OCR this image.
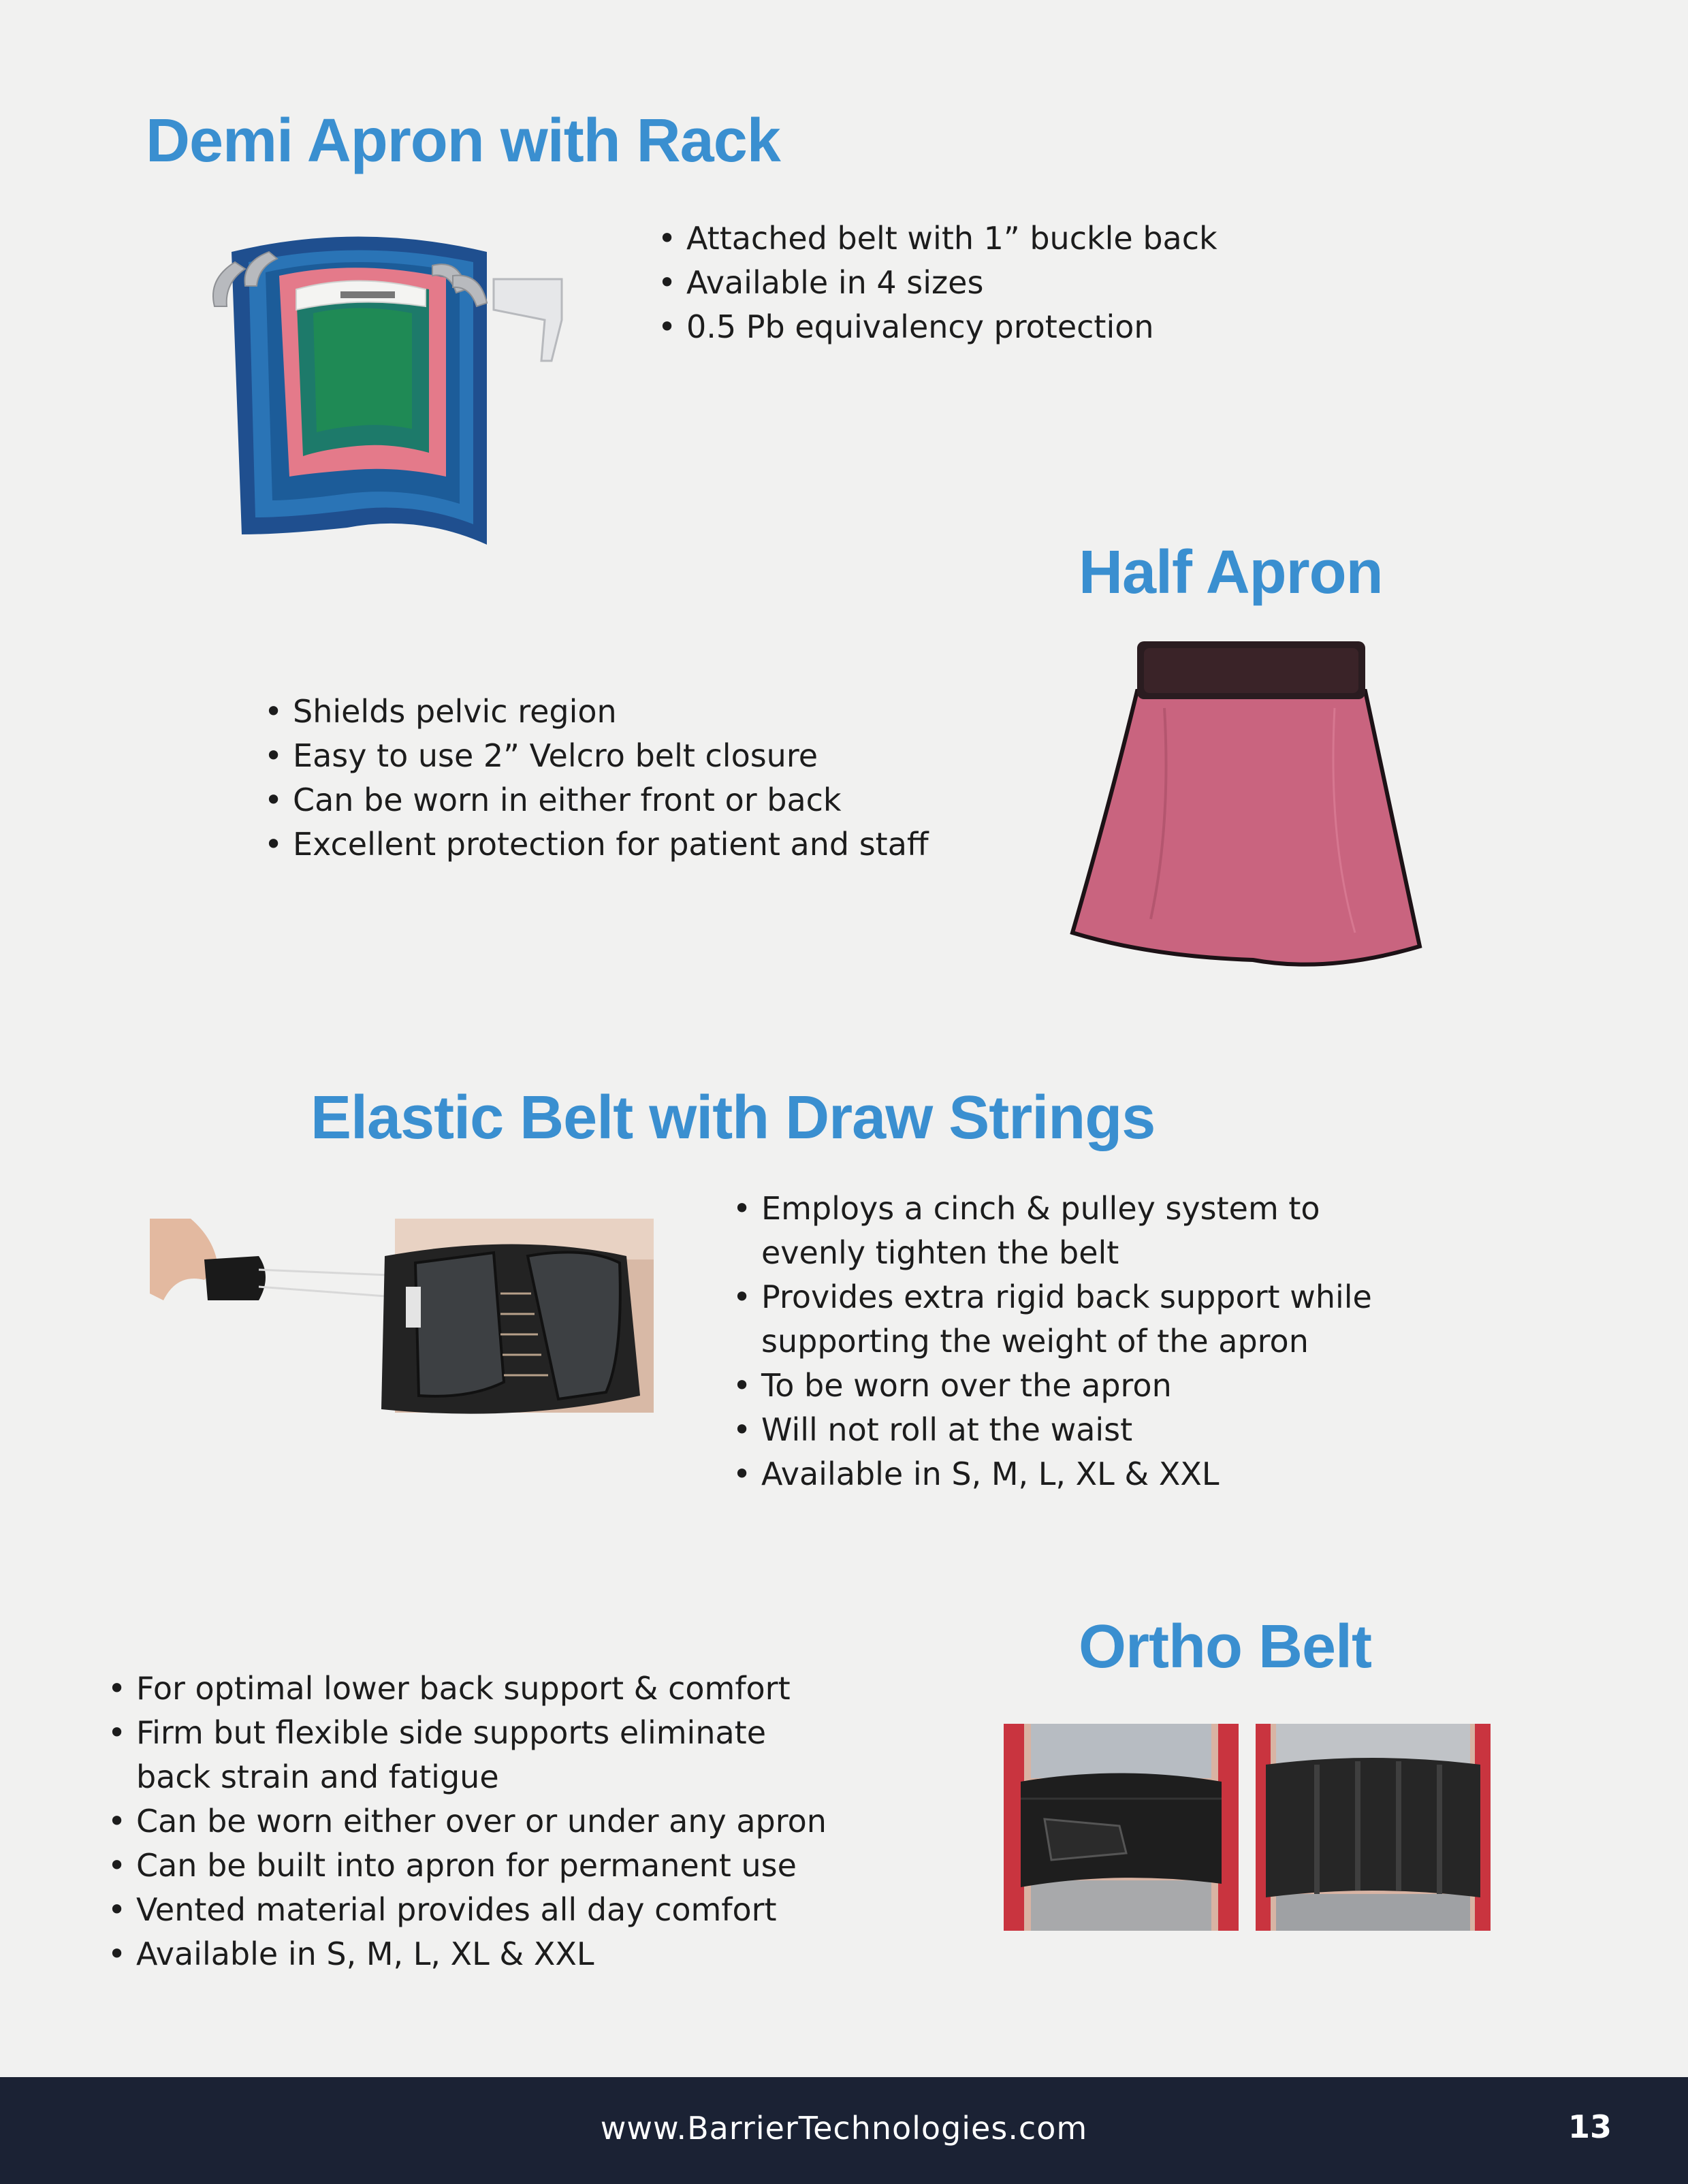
Demi Apron with Rack
• Attached belt with 1” buckle back
• Available in 4 sizes
• 0.5 Pb equivalency protection
Half Apron
• Shields pelvic region
• Easy to use 2” Velcro belt closure
• Can be worn in either front or back
• Excellent protection for patient and staff
Elastic Belt with Draw Strings
• Employs a cinch & pulley system to
evenly tighten the belt
• Provides extra rigid back support while
supporting the weight of the apron
• To be worn over the apron
• Will not roll at the waist
• Available in S, M, L, XL & XXL
Ortho Belt
• For optimal lower back support & comfort
• Firm but flexible side supports eliminate
back strain and fatigue
• Can be worn either over or under any apron
• Can be built into apron for permanent use
• Vented material provides all day comfort
• Available in S, M, L, XL & XXL
www.BarrierTechnologies.com	13
